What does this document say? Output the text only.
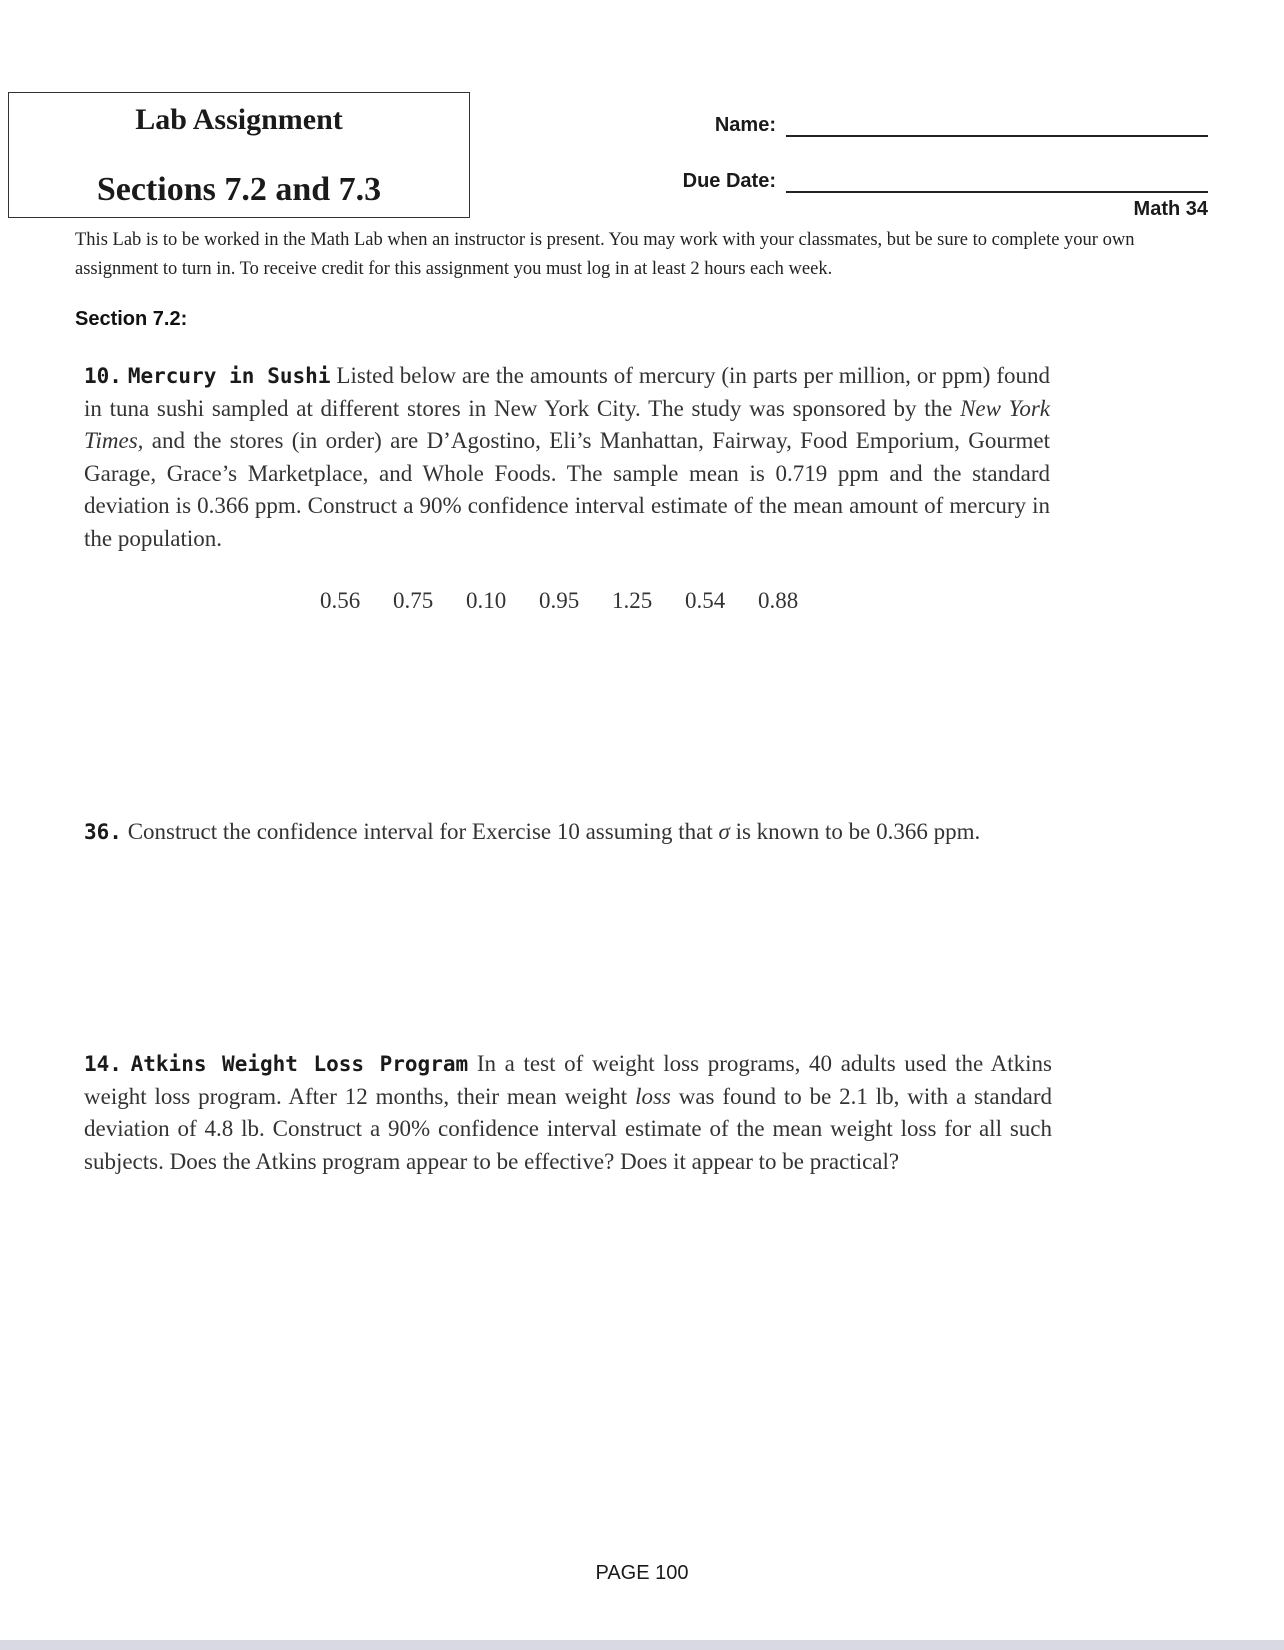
Lab Assignment
Sections 7.2 and 7.3
Name:
Due Date:
Math 34
This Lab is to be worked in the Math Lab when an instructor is present. You may work with your classmates, but be sure to complete your own assignment to turn in. To receive credit for this assignment you must log in at least 2 hours each week.
Section 7.2:
10. Mercury in Sushi Listed below are the amounts of mercury (in parts per million, or ppm) found in tuna sushi sampled at different stores in New York City. The study was sponsored by the New York Times, and the stores (in order) are D’Agostino, Eli’s Manhattan, Fairway, Food Emporium, Gourmet Garage, Grace’s Marketplace, and Whole Foods. The sample mean is 0.719 ppm and the standard deviation is 0.366 ppm. Construct a 90% confidence interval estimate of the mean amount of mercury in the population.
0.56	0.75	0.10	0.95	1.25	0.54	0.88
36. Construct the confidence interval for Exercise 10 assuming that σ is known to be 0.366 ppm.
14. Atkins Weight Loss Program In a test of weight loss programs, 40 adults used the Atkins weight loss program. After 12 months, their mean weight loss was found to be 2.1 lb, with a standard deviation of 4.8 lb. Construct a 90% confidence interval estimate of the mean weight loss for all such subjects. Does the Atkins program appear to be effective? Does it appear to be practical?
PAGE 100
